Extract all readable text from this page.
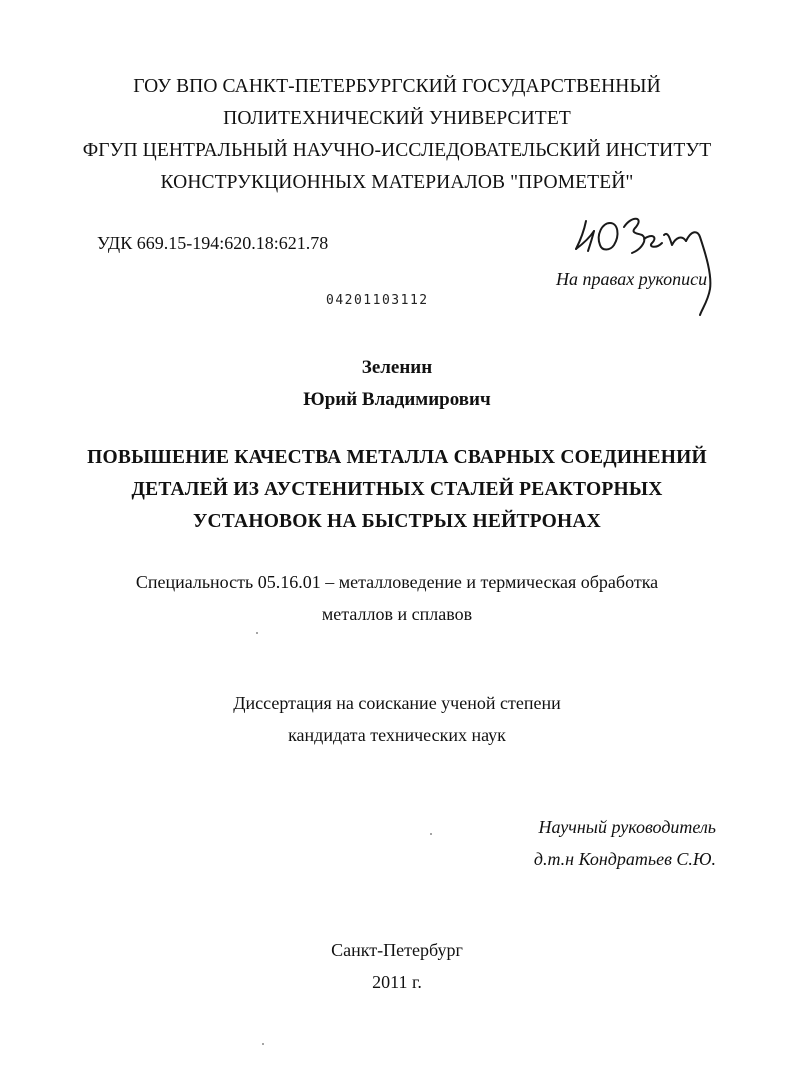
ГОУ ВПО САНКТ-ПЕТЕРБУРГСКИЙ ГОСУДАРСТВЕННЫЙ
ПОЛИТЕХНИЧЕСКИЙ УНИВЕРСИТЕТ
ФГУП ЦЕНТРАЛЬНЫЙ НАУЧНО-ИССЛЕДОВАТЕЛЬСКИЙ ИНСТИТУТ
КОНСТРУКЦИОННЫХ МАТЕРИАЛОВ "ПРОМЕТЕЙ"
УДК 669.15-194:620.18:621.78
На правах рукописи
04201103112
Зеленин
Юрий Владимирович
ПОВЫШЕНИЕ КАЧЕСТВА МЕТАЛЛА СВАРНЫХ СОЕДИНЕНИЙ
ДЕТАЛЕЙ ИЗ АУСТЕНИТНЫХ СТАЛЕЙ РЕАКТОРНЫХ
УСТАНОВОК НА БЫСТРЫХ НЕЙТРОНАХ
Специальность 05.16.01 – металловедение и термическая обработка
металлов и сплавов
Диссертация на соискание ученой степени
кандидата технических наук
Научный руководитель
д.т.н Кондратьев С.Ю.
Санкт-Петербург
2011 г.
